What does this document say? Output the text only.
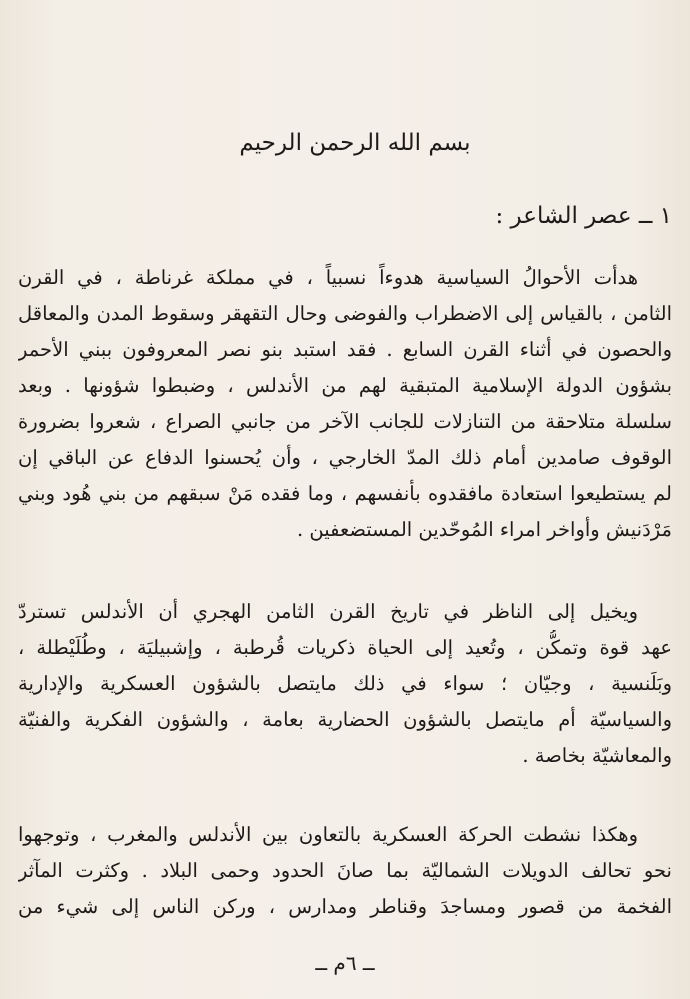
بسم الله الرحمن الرحيم
١ ــ عصر الشاعر :
هدأت الأحوالُ السياسية هدوءاً نسبياً ، في مملكة غرناطة ، في القرن
الثامن ، بالقياس إلى الاضطراب والفوضى وحال التقهقر وسقوط المدن والمعاقل
والحصون في أثناء القرن السابع . فقد استبد بنو نصر المعروفون ببني الأحمر
بشؤون الدولة الإسلامية المتبقية لهم من الأندلس ، وضبطوا شؤونها . وبعد
سلسلة متلاحقة من التنازلات للجانب الآخر من جانبي الصراع ، شعروا بضرورة
الوقوف صامدين أمام ذلك المدّ الخارجي ، وأن يُحسنوا الدفاع عن الباقي إن
لم يستطيعوا استعادة مافقدوه بأنفسهم ، وما فقده مَنْ سبقهم من بني هُود وبني
مَرْدَنيش وأواخر امراء المُوحّدين المستضعفين .
ويخيل إلى الناظر في تاريخ القرن الثامن الهجري أن الأندلس تستردّ
عهد قوة وتمكُّن ، وتُعيد إلى الحياة ذكريات قُرطبة ، وإشبيليَة ، وطُلَيْطلة ،
وبَلَنسية ، وجيّان ؛ سواء في ذلك مايتصل بالشؤون العسكرية والإدارية
والسياسيّة أم مايتصل بالشؤون الحضارية بعامة ، والشؤون الفكرية والفنيّة
والمعاشيّة بخاصة .
وهكذا نشطت الحركة العسكرية بالتعاون بين الأندلس والمغرب ، وتوجهوا
نحو تحالف الدويلات الشماليّة بما صانَ الحدود وحمى البلاد . وكثرت المآثر
الفخمة من قصور ومساجدَ وقناطر ومدارس ، وركن الناس إلى شيء من
ــ ٦م ــ
